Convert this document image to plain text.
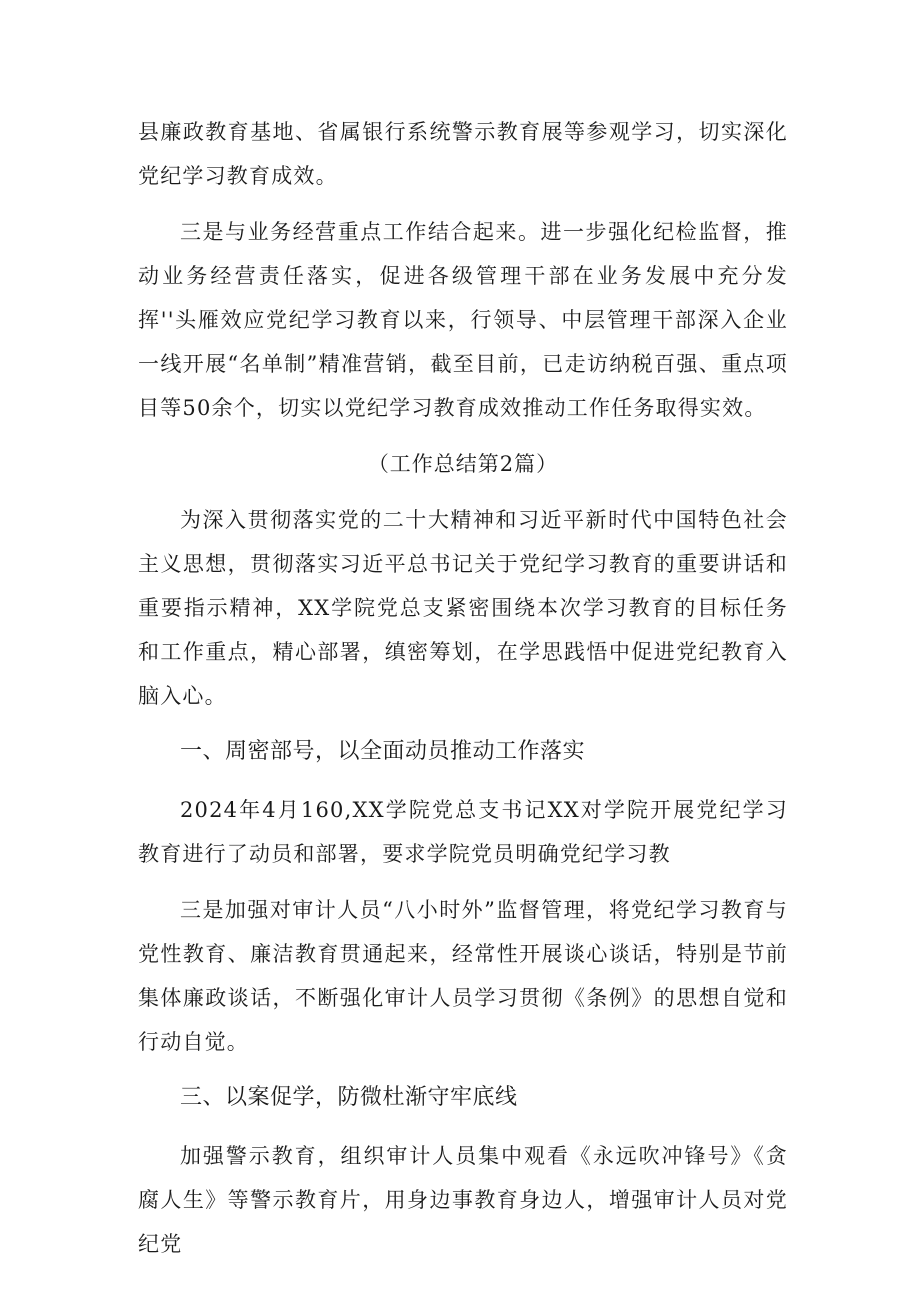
县廉政教育基地、省属银行系统警示教育展等参观学习，切实深化党纪学习教育成效。

三是与业务经营重点工作结合起来。进一步强化纪检监督，推动业务经营责任落实，促进各级管理干部在业务发展中充分发挥''头雁效应党纪学习教育以来，行领导、中层管理干部深入企业一线开展“名单制”精准营销，截至目前，已走访纳税百强、重点项目等50余个，切实以党纪学习教育成效推动工作任务取得实效。

（工作总结第2篇）

为深入贯彻落实党的二十大精神和习近平新时代中国特色社会主义思想，贯彻落实习近平总书记关于党纪学习教育的重要讲话和重要指示精神，XX学院党总支紧密围绕本次学习教育的目标任务和工作重点，精心部署，缜密筹划，在学思践悟中促进党纪教育入脑入心。

一、周密部号，以全面动员推动工作落实

2024年4月160,XX学院党总支书记XX对学院开展党纪学习教育进行了动员和部署，要求学院党员明确党纪学习教

三是加强对审计人员“八小时外”监督管理，将党纪学习教育与党性教育、廉洁教育贯通起来，经常性开展谈心谈话，特别是节前集体廉政谈话，不断强化审计人员学习贯彻《条例》的思想自觉和行动自觉。

三、以案促学，防微杜渐守牢底线

加强警示教育，组织审计人员集中观看《永远吹冲锋号》《贪腐人生》等警示教育片，用身边事教育身边人，增强审计人员对党纪党
